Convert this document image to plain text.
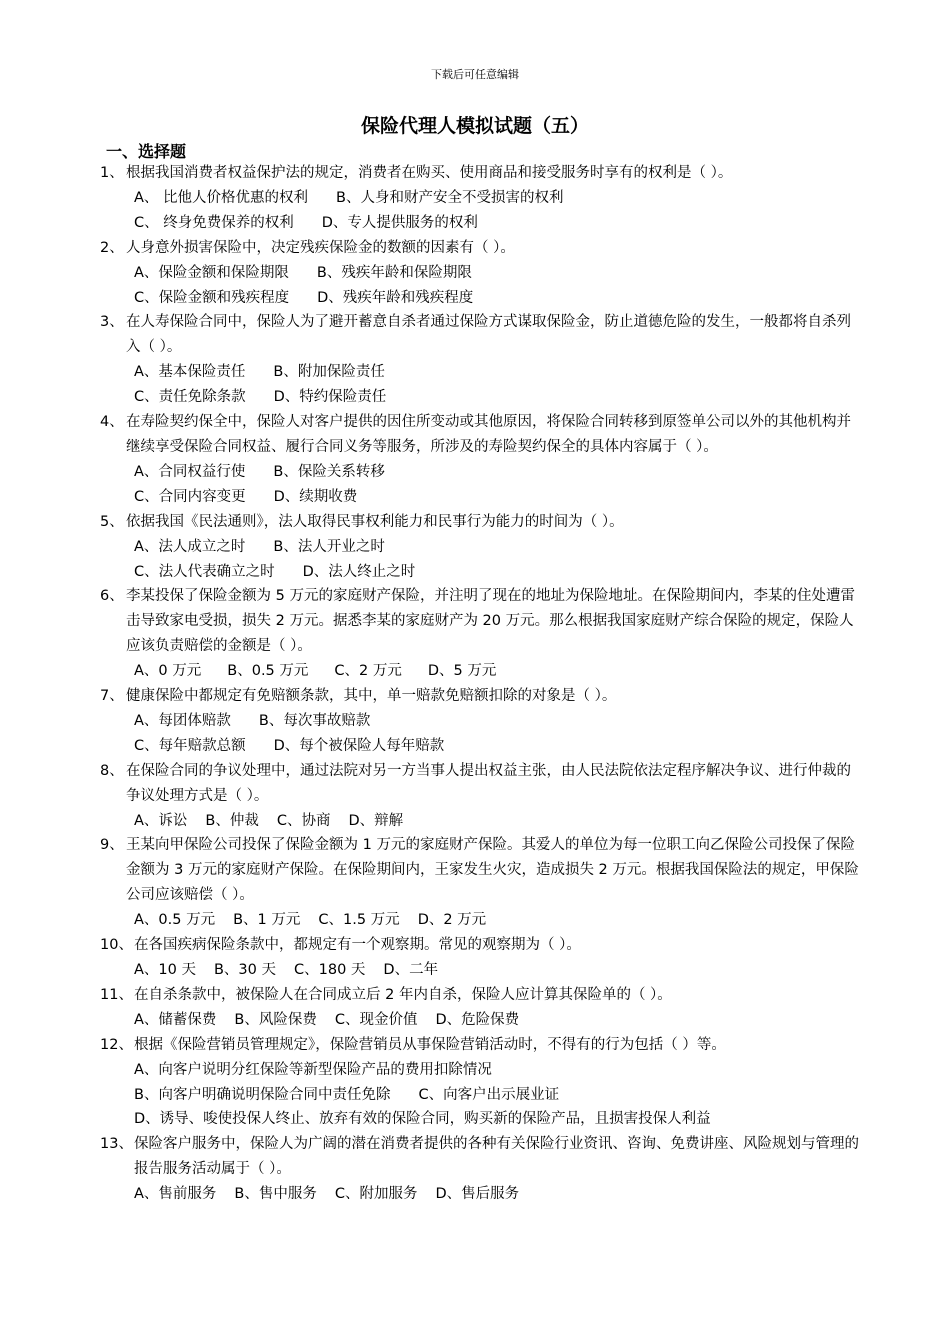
下载后可任意编辑
保险代理人模拟试题（五）
一、选择题
1、 根据我国消费者权益保护法的规定，消费者在购买、使用商品和接受服务时享有的权利是（ ）。
A、 比他人价格优惠的权利 B、人身和财产安全不受损害的权利
C、 终身免费保养的权利 D、专人提供服务的权利
2、 人身意外损害保险中，决定残疾保险金的数额的因素有（ ）。
A、保险金额和保险期限 B、残疾年龄和保险期限
C、保险金额和残疾程度 D、残疾年龄和残疾程度
3、 在人寿保险合同中，保险人为了避开蓄意自杀者通过保险方式谋取保险金，防止道德危险的发生，一般都将自杀列入（ ）。
A、基本保险责任 B、附加保险责任
C、责任免除条款 D、特约保险责任
4、 在寿险契约保全中，保险人对客户提供的因住所变动或其他原因，将保险合同转移到原签单公司以外的其他机构并继续享受保险合同权益、履行合同义务等服务，所涉及的寿险契约保全的具体内容属于（ ）。
A、合同权益行使 B、保险关系转移
C、合同内容变更 D、续期收费
5、 依据我国《民法通则》，法人取得民事权利能力和民事行为能力的时间为（ ）。
A、法人成立之时 B、法人开业之时
C、法人代表确立之时 D、法人终止之时
6、 李某投保了保险金额为 5 万元的家庭财产保险，并注明了现在的地址为保险地址。在保险期间内，李某的住处遭雷击导致家电受损，损失 2 万元。据悉李某的家庭财产为 20 万元。那么根据我国家庭财产综合保险的规定，保险人应该负责赔偿的金额是（ ）。
A、0 万元 B、0.5 万元 C、2 万元 D、5 万元
7、 健康保险中都规定有免赔额条款，其中，单一赔款免赔额扣除的对象是（ ）。
A、每团体赔款 B、每次事故赔款
C、每年赔款总额 D、每个被保险人每年赔款
8、 在保险合同的争议处理中，通过法院对另一方当事人提出权益主张，由人民法院依法定程序解决争议、进行仲裁的争议处理方式是（ ）。
A、诉讼 B、仲裁 C、协商 D、辩解
9、 王某向甲保险公司投保了保险金额为 1 万元的家庭财产保险。其爱人的单位为每一位职工向乙保险公司投保了保险金额为 3 万元的家庭财产保险。在保险期间内，王家发生火灾，造成损失 2 万元。根据我国保险法的规定，甲保险公司应该赔偿（ ）。
A、0.5 万元 B、1 万元 C、1.5 万元 D、2 万元
10、 在各国疾病保险条款中，都规定有一个观察期。常见的观察期为（ ）。
A、10 天 B、30 天 C、180 天 D、二年
11、 在自杀条款中，被保险人在合同成立后 2 年内自杀，保险人应计算其保险单的（ ）。
A、储蓄保费 B、风险保费 C、现金价值 D、危险保费
12、 根据《保险营销员管理规定》，保险营销员从事保险营销活动时，不得有的行为包括（ ）等。
A、向客户说明分红保险等新型保险产品的费用扣除情况
B、向客户明确说明保险合同中责任免除 C、向客户出示展业证
D、诱导、唆使投保人终止、放弃有效的保险合同，购买新的保险产品，且损害投保人利益
13、 保险客户服务中，保险人为广阔的潜在消费者提供的各种有关保险行业资讯、咨询、免费讲座、风险规划与管理的报告服务活动属于（ ）。
A、售前服务 B、售中服务 C、附加服务 D、售后服务
